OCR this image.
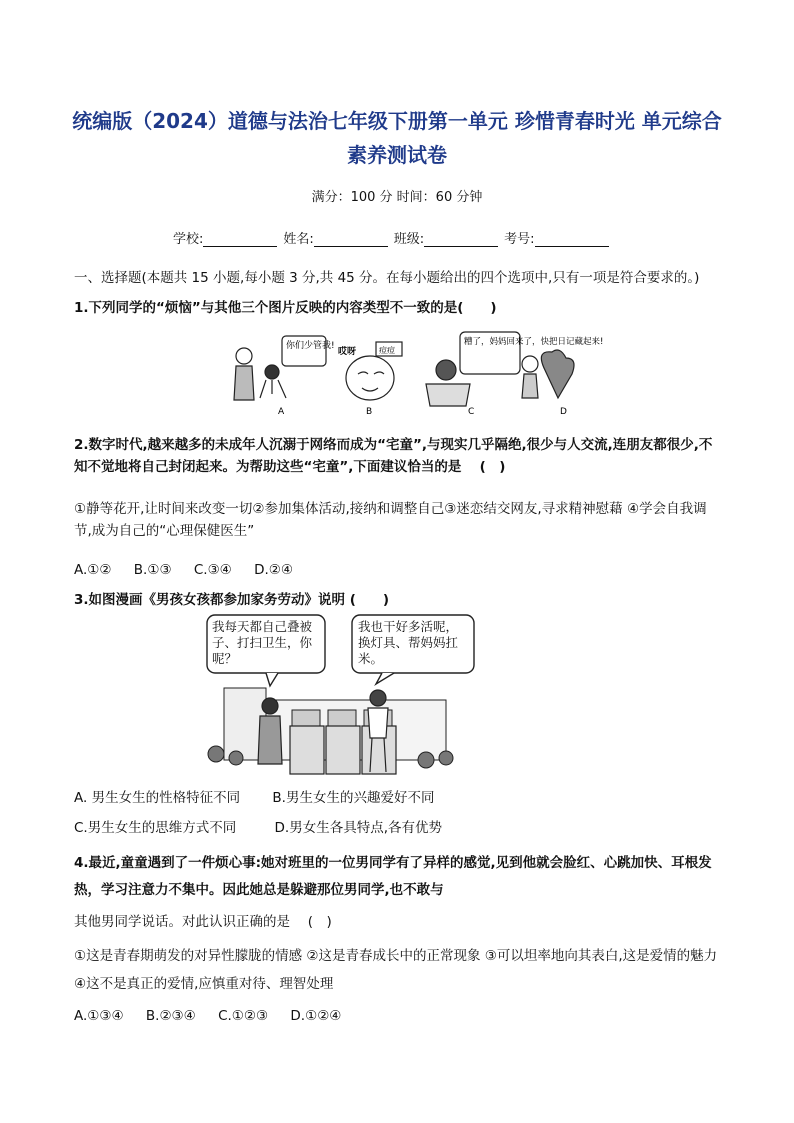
统编版（2024）道德与法治七年级下册第一单元 珍惜青春时光 单元综合素养测试卷
满分：100 分 时间：60 分钟
学校:	姓名:	班级:	考号:
一、选择题(本题共 15 小题,每小题 3 分,共 45 分。在每小题给出的四个选项中,只有一项是符合要求的。)
1.下列同学的“烦恼”与其他三个图片反映的内容类型不一致的是(　　)
你们少管我!
哎呀	痘痘
糟了，妈妈回来了，快把日记藏起来!
A	B	C	D
2.数字时代,越来越多的未成年人沉溺于网络而成为“宅童”,与现实几乎隔绝,很少与人交流,连朋友都很少,不知不觉地将自己封闭起来。为帮助这些“宅童”,下面建议恰当的是　 (　)
①静等花开,让时间来改变一切②参加集体活动,接纳和调整自己③迷恋结交网友,寻求精神慰藉 ④学会自我调节,成为自己的“心理保健医生”
A.①② B.①③ C.③④ D.②④
3.如图漫画《男孩女孩都参加家务劳动》说明 (　　)
我每天都自己叠被子、打扫卫生，你呢？
我也干好多活呢，换灯具、帮妈妈扛米。
A. 男生女生的性格特征不同 B.男生女生的兴趣爱好不同
C.男生女生的思维方式不同	D.男女生各具特点,各有优势
4.最近,童童遇到了一件烦心事:她对班里的一位男同学有了异样的感觉,见到他就会脸红、心跳加快、耳根发热，学习注意力不集中。因此她总是躲避那位男同学,也不敢与
其他男同学说话。对此认识正确的是　 (　)
①这是青春期萌发的对异性朦胧的情感 ②这是青春成长中的正常现象 ③可以坦率地向其表白,这是爱情的魅力 ④这不是真正的爱情,应慎重对待、理智处理
A.①③④ B.②③④ C.①②③ D.①②④
